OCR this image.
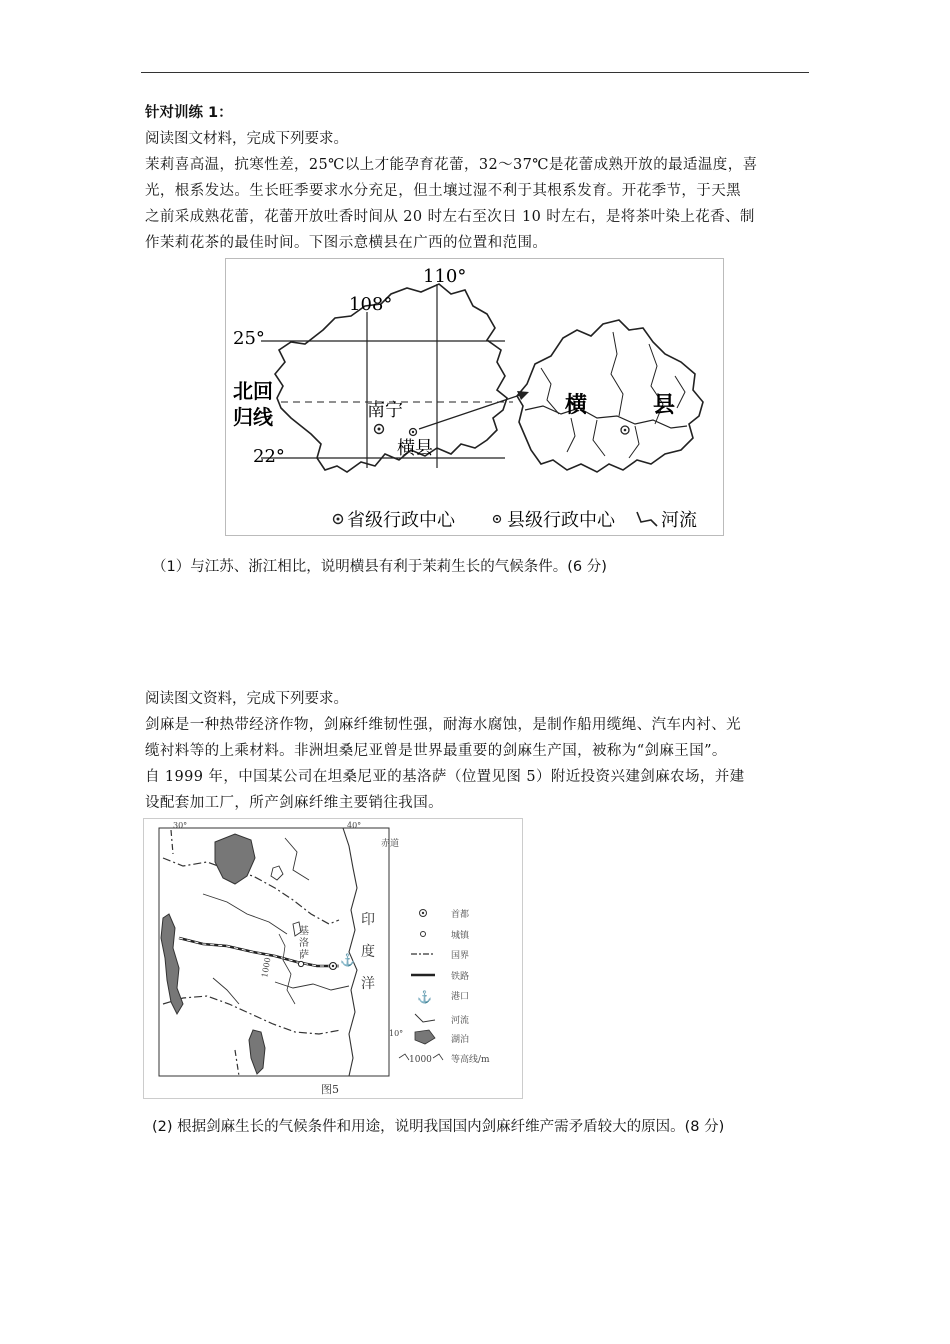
针对训练 1：
阅读图文材料，完成下列要求。
茉莉喜高温，抗寒性差，25℃以上才能孕育花蕾，32～37℃是花蕾成熟开放的最适温度，喜
光，根系发达。生长旺季要求水分充足，但土壤过湿不利于其根系发育。开花季节，于天黑
之前采成熟花蕾，花蕾开放吐香时间从 20 时左右至次日 10 时左右，是将茶叶染上花香、制
作茉莉花茶的最佳时间。下图示意横县在广西的位置和范围。
108°
110°
25°
22°
北回
归线	南宁
横县
横	县
省级行政中心	县级行政中心	河流
（1）与江苏、浙江相比，说明横县有利于茉莉生长的气候条件。(6 分)
阅读图文资料，完成下列要求。
剑麻是一种热带经济作物，剑麻纤维韧性强，耐海水腐蚀，是制作船用缆绳、汽车内衬、光
缆衬料等的上乘材料。非洲坦桑尼亚曾是世界最重要的剑麻生产国，被称为“剑麻王国”。
自 1999 年，中国某公司在坦桑尼亚的基洛萨（位置见图 5）附近投资兴建剑麻农场，并建
设配套加工厂，所产剑麻纤维主要销往我国。
30°	40°
赤道
10°
1000
基
洛
萨	⚓
印
度
洋
首都
城镇
国界
铁路
⚓ 港口
河流
湖泊
1000 等高线/m
图5
(2) 根据剑麻生长的气候条件和用途，说明我国国内剑麻纤维产需矛盾较大的原因。(8 分)
